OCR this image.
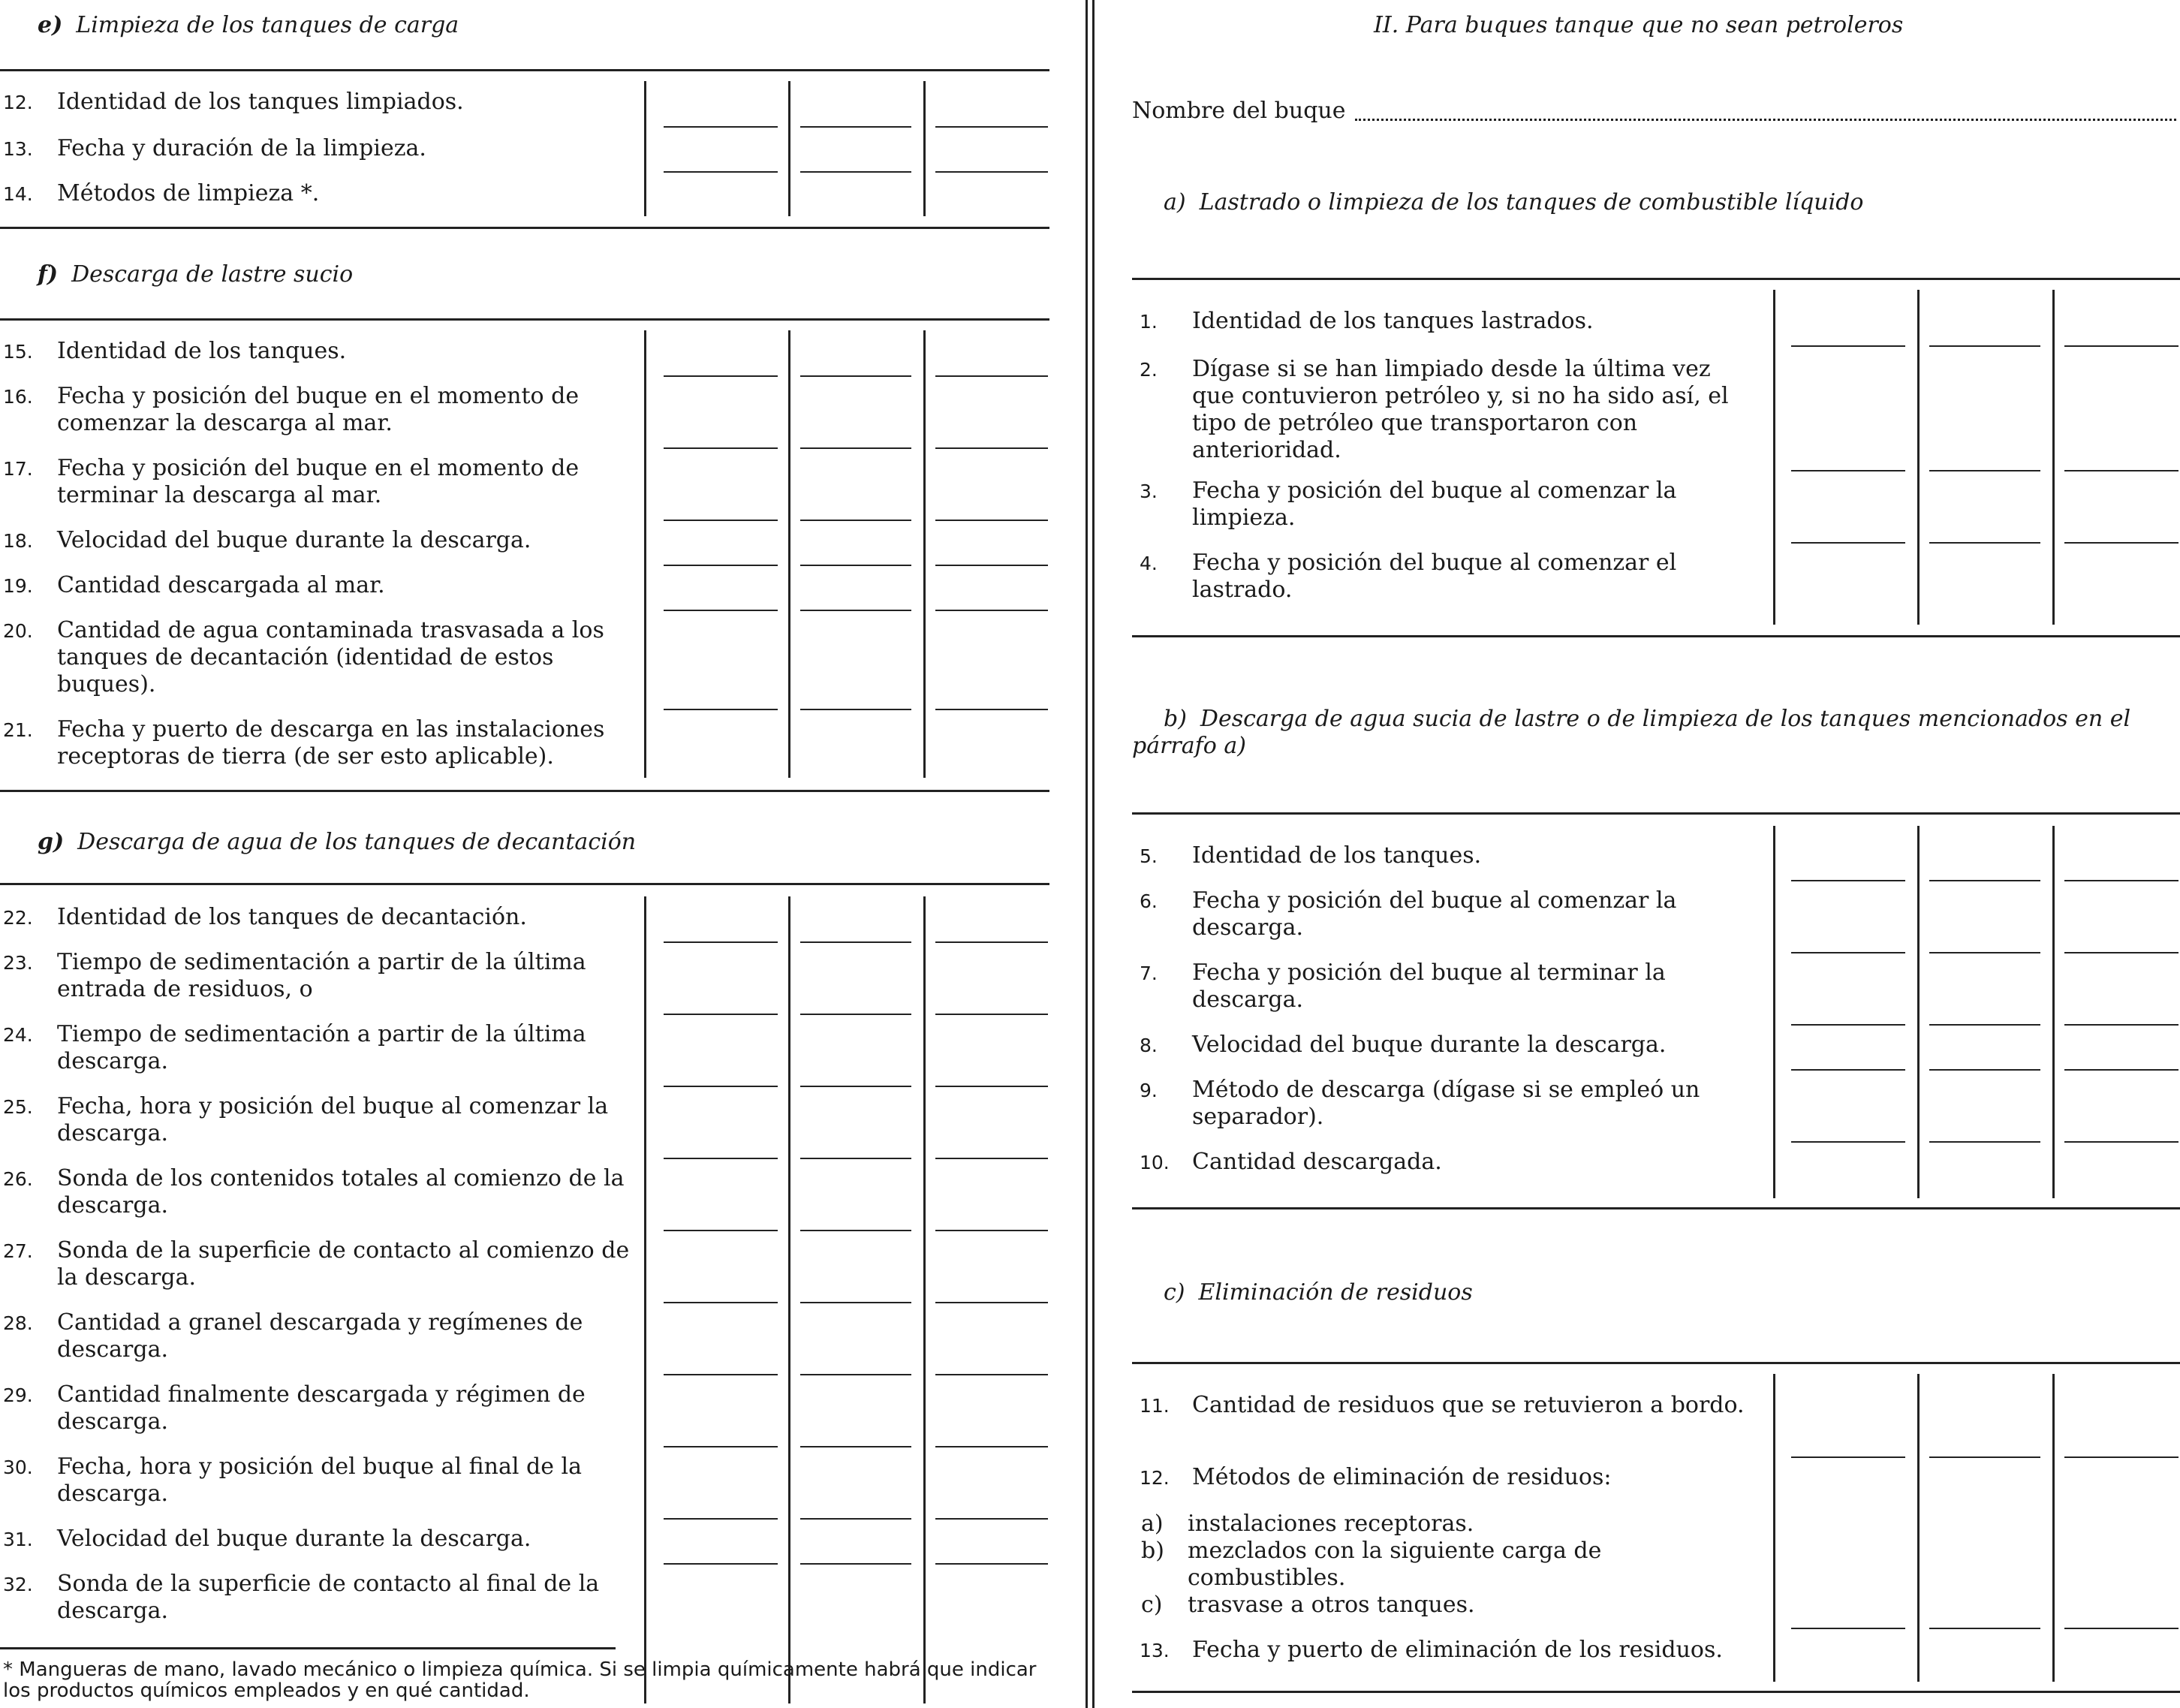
e) Limpieza de los tanques de carga
12. Identidad de los tanques limpiados.
13. Fecha y duración de la limpieza.
14. Métodos de limpieza *.
f) Descarga de lastre sucio
15. Identidad de los tanques.
16. Fecha y posición del buque en el momento de comenzar la descarga al mar.
17. Fecha y posición del buque en el momento de terminar la descarga al mar.
18. Velocidad del buque durante la descarga.
19. Cantidad descargada al mar.
20. Cantidad de agua contaminada trasvasada a los tanques de decantación (identidad de estos buques).
21. Fecha y puerto de descarga en las instalaciones receptoras de tierra (de ser esto aplicable).
g) Descarga de agua de los tanques de decantación
22. Identidad de los tanques de decantación.
23. Tiempo de sedimentación a partir de la última entrada de residuos, o
24. Tiempo de sedimentación a partir de la última descarga.
25. Fecha, hora y posición del buque al comenzar la descarga.
26. Sonda de los contenidos totales al comienzo de la descarga.
27. Sonda de la superficie de contacto al comienzo de la descarga.
28. Cantidad a granel descargada y regímenes de descarga.
29. Cantidad finalmente descargada y régimen de descarga.
30. Fecha, hora y posición del buque al final de la descarga.
31. Velocidad del buque durante la descarga.
32. Sonda de la superficie de contacto al final de la descarga.
* Mangueras de mano, lavado mecánico o limpieza química. Si se limpia químicamente habrá que indicar los productos químicos empleados y en qué cantidad.
II. Para buques tanque que no sean petroleros
Nombre del buque
a) Lastrado o limpieza de los tanques de combustible líquido
1. Identidad de los tanques lastrados.
2. Dígase si se han limpiado desde la última vez que contuvieron petróleo y, si no ha sido así, el tipo de petróleo que transportaron con anterioridad.
3. Fecha y posición del buque al comenzar la limpieza.
4. Fecha y posición del buque al comenzar el lastrado.
b) Descarga de agua sucia de lastre o de limpieza de los tanques mencionados en el párrafo a)
5. Identidad de los tanques.
6. Fecha y posición del buque al comenzar la descarga.
7. Fecha y posición del buque al terminar la descarga.
8. Velocidad del buque durante la descarga.
9. Método de descarga (dígase si se empleó un separador).
10. Cantidad descargada.
c) Eliminación de residuos
11. Cantidad de residuos que se retuvieron a bordo.
12. Métodos de eliminación de residuos:
a) instalaciones receptoras.
b) mezclados con la siguiente carga de combustibles.
c) trasvase a otros tanques.
13. Fecha y puerto de eliminación de los residuos.
